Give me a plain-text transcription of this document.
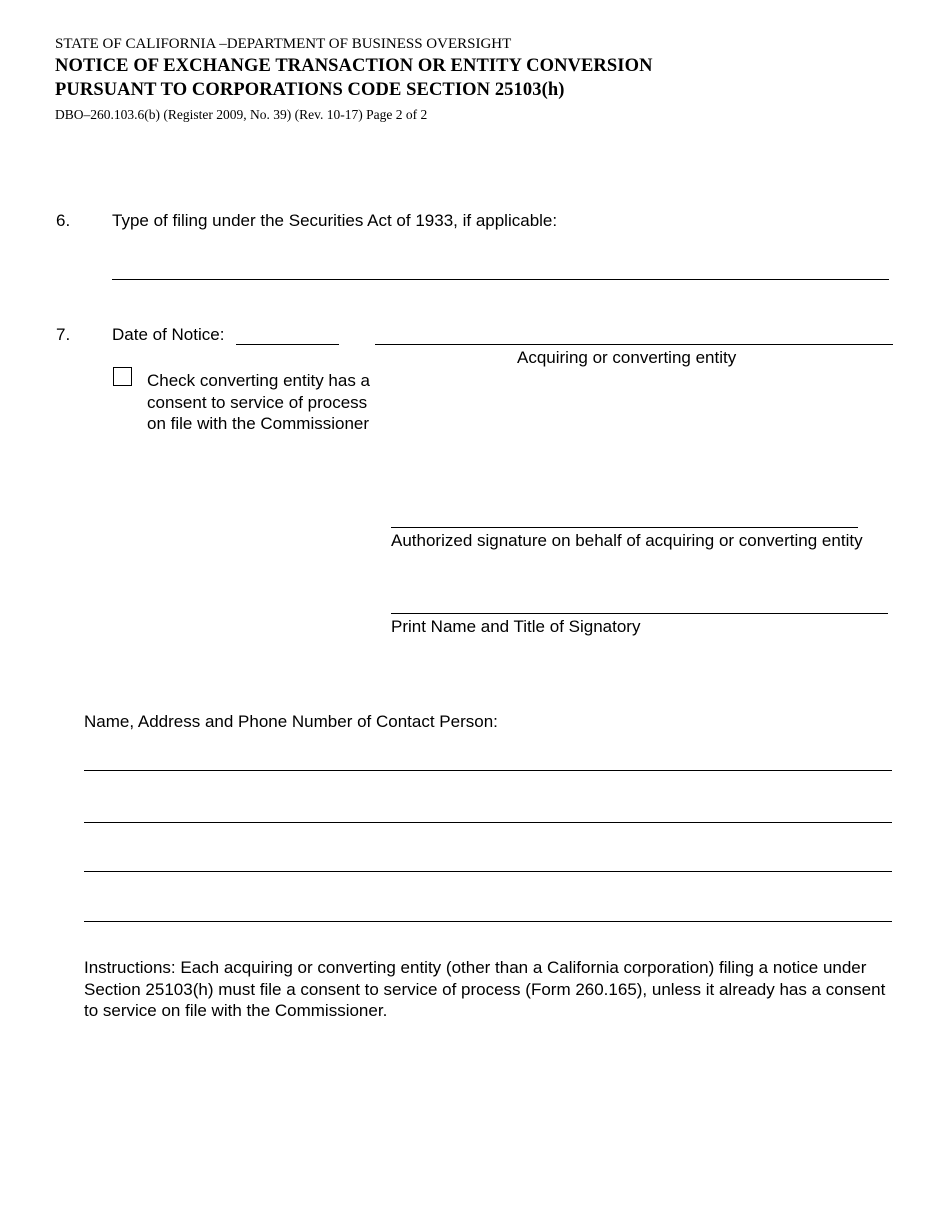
STATE OF CALIFORNIA –DEPARTMENT OF BUSINESS OVERSIGHT
NOTICE OF EXCHANGE TRANSACTION OR ENTITY CONVERSION
PURSUANT TO CORPORATIONS CODE SECTION 25103(h)
DBO–260.103.6(b) (Register 2009, No. 39) (Rev. 10-17) Page 2 of 2
6. Type of filing under the Securities Act of 1933, if applicable:
7. Date of Notice:
Acquiring or converting entity
Check converting entity has a consent to service of process on file with the Commissioner
Authorized signature on behalf of acquiring or converting entity
Print Name and Title of Signatory
Name, Address and Phone Number of Contact Person:
Instructions: Each acquiring or converting entity (other than a California corporation) filing a notice under Section 25103(h) must file a consent to service of process (Form 260.165), unless it already has a consent to service on file with the Commissioner.
